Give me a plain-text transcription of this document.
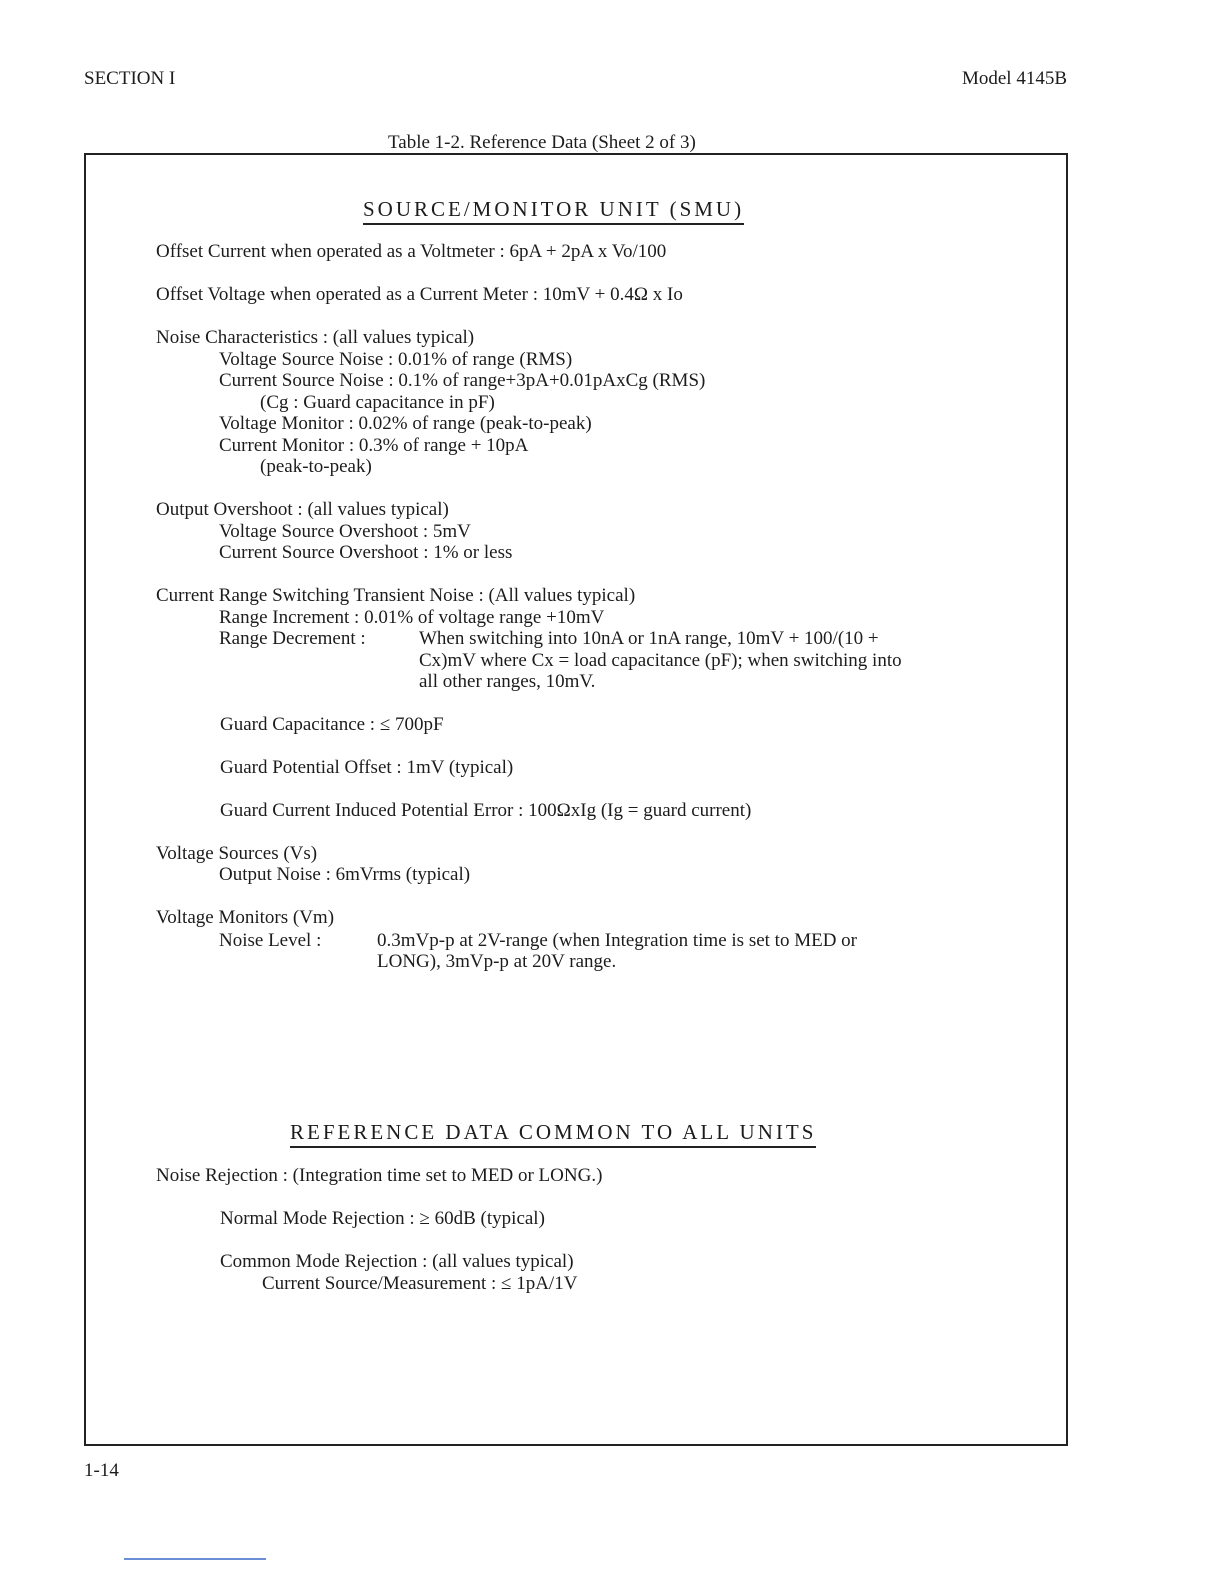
SECTION I	Model 4145B
Table 1-2. Reference Data (Sheet 2 of 3)
SOURCE/MONITOR UNIT (SMU)
Offset Current when operated as a Voltmeter : 6pA + 2pA x Vo/100
Offset Voltage when operated as a Current Meter : 10mV + 0.4Ω x Io
Noise Characteristics : (all values typical)
Voltage Source Noise : 0.01% of range (RMS)
Current Source Noise : 0.1% of range+3pA+0.01pAxCg (RMS)
(Cg : Guard capacitance in pF)
Voltage Monitor : 0.02% of range (peak-to-peak)
Current Monitor : 0.3% of range + 10pA
(peak-to-peak)
Output Overshoot : (all values typical)
Voltage Source Overshoot : 5mV
Current Source Overshoot : 1% or less
Current Range Switching Transient Noise : (All values typical)
Range Increment : 0.01% of voltage range +10mV
Range Decrement :	When switching into 10nA or 1nA range, 10mV + 100/(10 +
Cx)mV where Cx = load capacitance (pF); when switching into
all other ranges, 10mV.
Guard Capacitance : ≤ 700pF
Guard Potential Offset : 1mV (typical)
Guard Current Induced Potential Error : 100ΩxIg (Ig = guard current)
Voltage Sources (Vs)
Output Noise : 6mVrms (typical)
Voltage Monitors (Vm)
Noise Level :	0.3mVp-p at 2V-range (when Integration time is set to MED or
LONG), 3mVp-p at 20V range.
REFERENCE DATA COMMON TO ALL UNITS
Noise Rejection : (Integration time set to MED or LONG.)
Normal Mode Rejection : ≥ 60dB (typical)
Common Mode Rejection : (all values typical)
Current Source/Measurement : ≤ 1pA/1V
1-14
